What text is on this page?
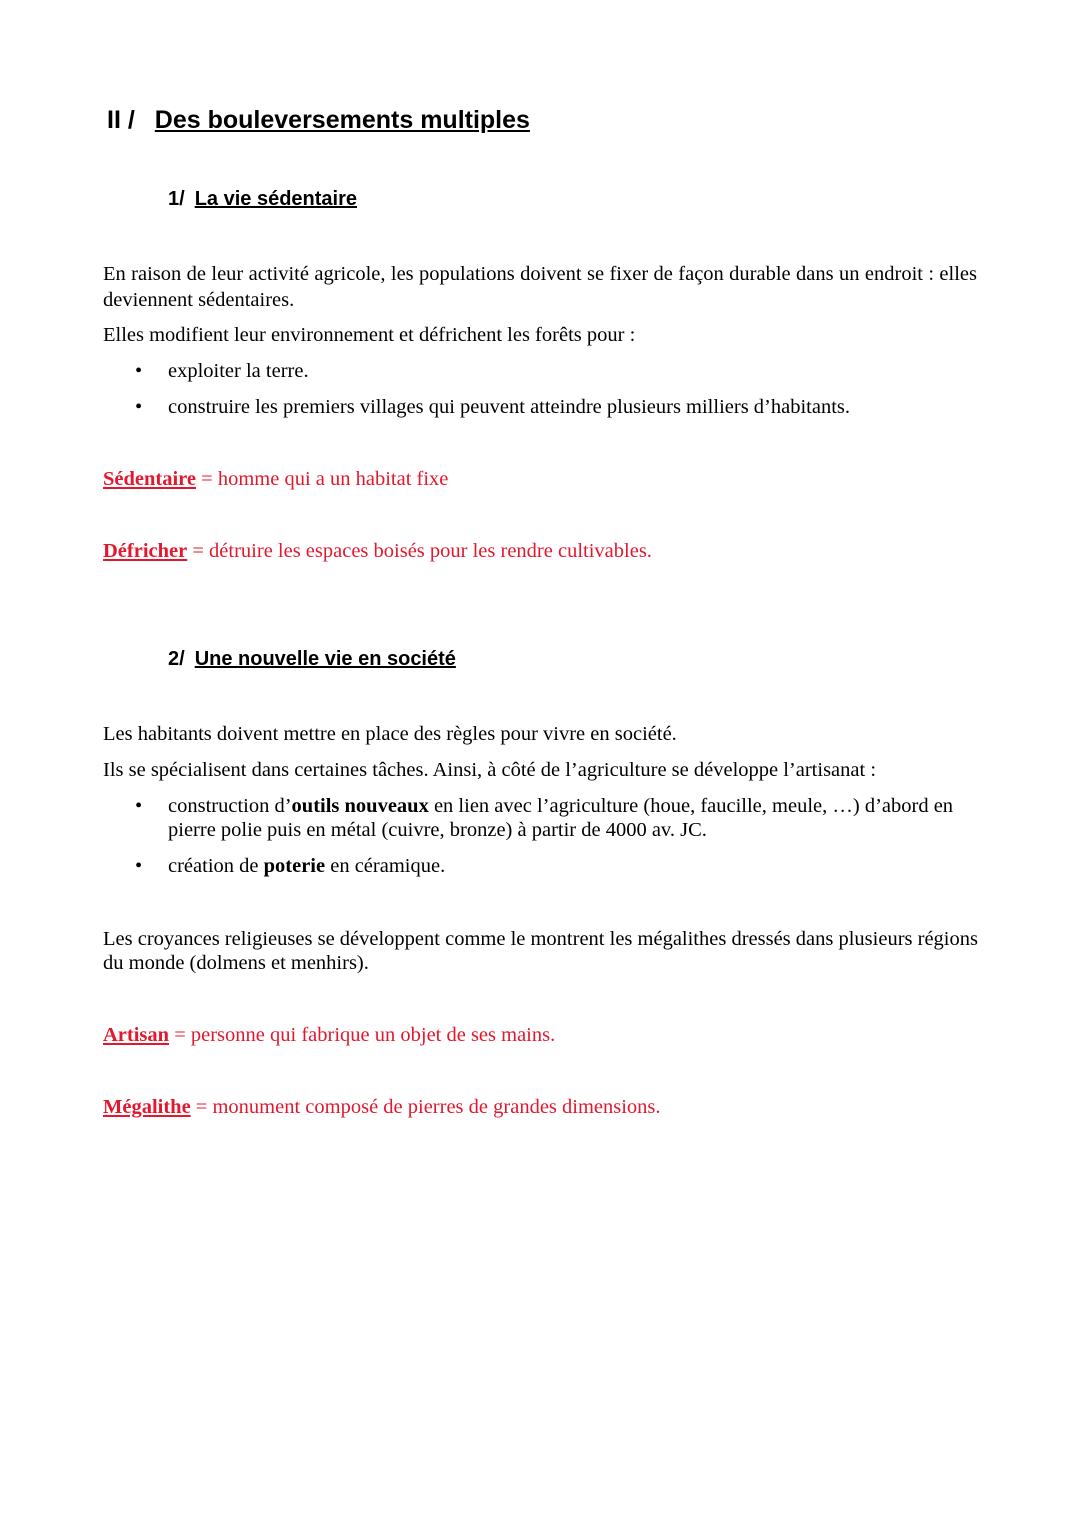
II / Des bouleversements multiples
1/ La vie sédentaire
En raison de leur activité agricole, les populations doivent se fixer de façon durable dans un endroit : elles deviennent sédentaires.
Elles modifient leur environnement et défrichent les forêts pour :
• exploiter la terre.
• construire les premiers villages qui peuvent atteindre plusieurs milliers d’habitants.
Sédentaire = homme qui a un habitat fixe
Défricher = détruire les espaces boisés pour les rendre cultivables.
2/ Une nouvelle vie en société
Les habitants doivent mettre en place des règles pour vivre en société.
Ils se spécialisent dans certaines tâches. Ainsi, à côté de l’agriculture se développe l’artisanat :
• construction d’outils nouveaux en lien avec l’agriculture (houe, faucille, meule, …) d’abord en pierre polie puis en métal (cuivre, bronze) à partir de 4000 av. JC.
• création de poterie en céramique.
Les croyances religieuses se développent comme le montrent les mégalithes dressés dans plusieurs régions du monde (dolmens et menhirs).
Artisan = personne qui fabrique un objet de ses mains.
Mégalithe = monument composé de pierres de grandes dimensions.
